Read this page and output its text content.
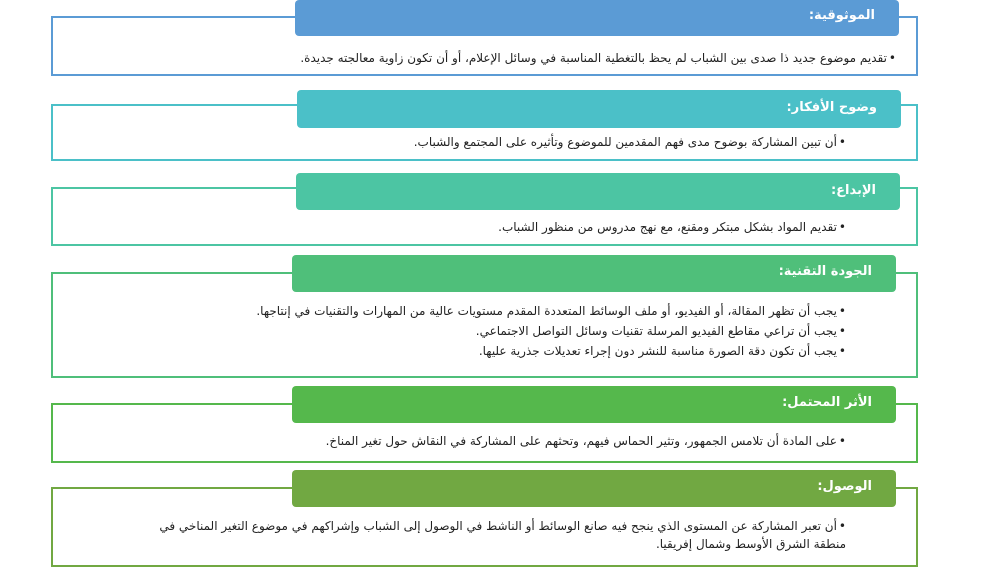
• تقديم موضوع جديد ذا صدى بين الشباب لم يحظ بالتغطية المناسبة في وسائل الإعلام، أو أن تكون زاوية معالجته جديدة.
الموثوقية:
• أن تبين المشاركة بوضوح مدى فهم المقدمين للموضوع وتأثيره على المجتمع والشباب.
وضوح الأفكار:
• تقديم المواد بشكل مبتكر ومقنع، مع نهج مدروس من منظور الشباب.
الإبداع:
• يجب أن تظهر المقالة، أو الفيديو، أو ملف الوسائط المتعددة المقدم مستويات عالية من المهارات والتقنيات في إنتاجها.
• يجب أن تراعي مقاطع الفيديو المرسلة تقنيات وسائل التواصل الاجتماعي.
• يجب أن تكون دقة الصورة مناسبة للنشر دون إجراء تعديلات جذرية عليها.
الجودة التقنية:
• على المادة أن تلامس الجمهور، وتثير الحماس فيهم، وتحثهم على المشاركة في النقاش حول تغير المناخ.
الأثر المحتمل:
• أن تعبر المشاركة عن المستوى الذي ينجح فيه صانع الوسائط أو الناشط في الوصول إلى الشباب وإشراكهم في موضوع التغير المناخي في منطقة الشرق الأوسط وشمال إفريقيا.
الوصول:
